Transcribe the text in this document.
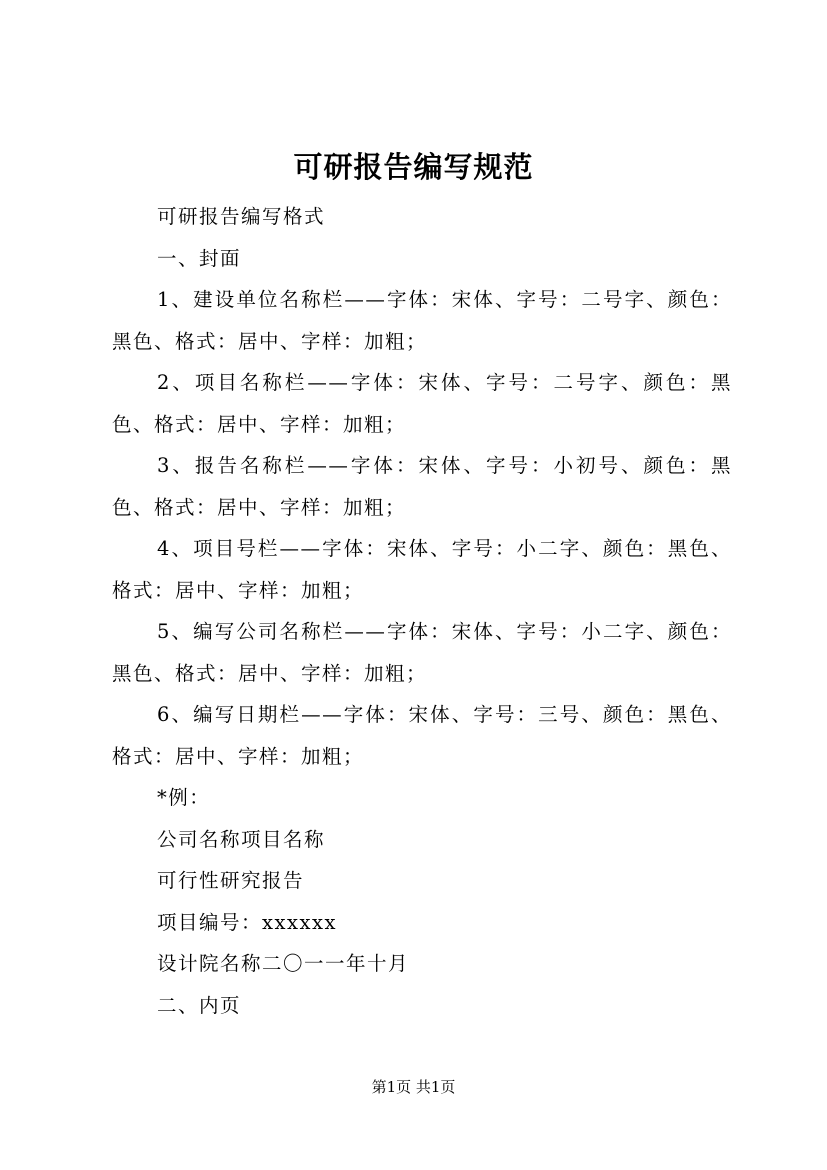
可研报告编写规范

可研报告编写格式

一、封面

1、建设单位名称栏——字体：宋体、字号：二号字、颜色：黑色、格式：居中、字样：加粗；

2、项目名称栏——字体：宋体、字号：二号字、颜色：黑色、格式：居中、字样：加粗；

3、报告名称栏——字体：宋体、字号：小初号、颜色：黑色、格式：居中、字样：加粗；

4、项目号栏——字体：宋体、字号：小二字、颜色：黑色、格式：居中、字样：加粗；

5、编写公司名称栏——字体：宋体、字号：小二字、颜色：黑色、格式：居中、字样：加粗；

6、编写日期栏——字体：宋体、字号：三号、颜色：黑色、格式：居中、字样：加粗；

*例：

公司名称项目名称

可行性研究报告

项目编号：xxxxxx

设计院名称二〇一一年十月

二、内页

第1页 共1页
